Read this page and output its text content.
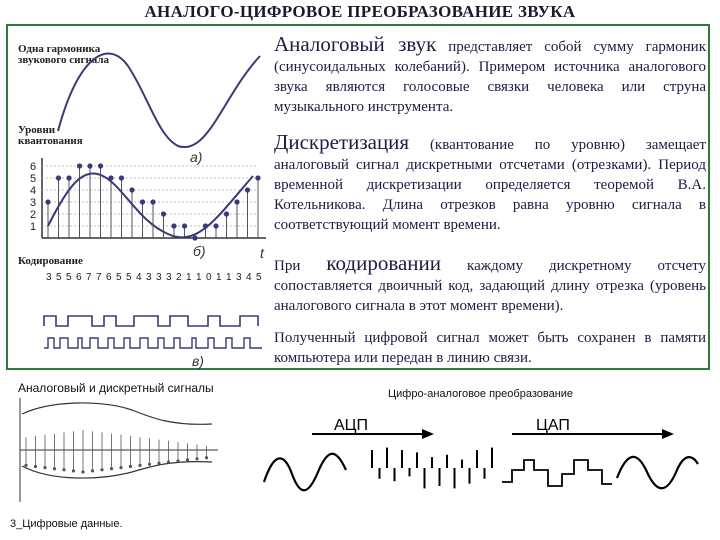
АНАЛОГО-ЦИФРОВОЕ ПРЕОБРАЗОВАНИЕ ЗВУКА
Одна гармоника звукового сигнала
Уровни квантования
Кодирование
a)
6
5
4
3
2
1
t
б)
3 5 5 6 7 7 6 5 5 4 3 3 3 2 1 1 0 1 1 3 4 5
в)
Аналоговый звук представляет собой сумму гармоник (синусоидальных колебаний). Примером источника аналогового звука являются голосовые связки человека или струна музыкального инструмента.
Дискретизация (квантование по уровню) замещает аналоговый сигнал дискретными отсчетами (отрезками). Период временной дискретизации определяется теоремой В.А. Котельникова. Длина отрезков равна уровню сигнала в соответствующий момент времени.
При кодировании каждому дискретному отсчету сопоставляется двоичный код, задающий длину отрезка (уровень аналогового сигнала в этот момент времени).
Полученный цифровой сигнал может быть сохранен в памяти компьютера или передан в линию связи.
Аналоговый и дискретный сигналы
3_Цифровые данные.
Цифро-аналоговое преобразование
АЦП	ЦАП
